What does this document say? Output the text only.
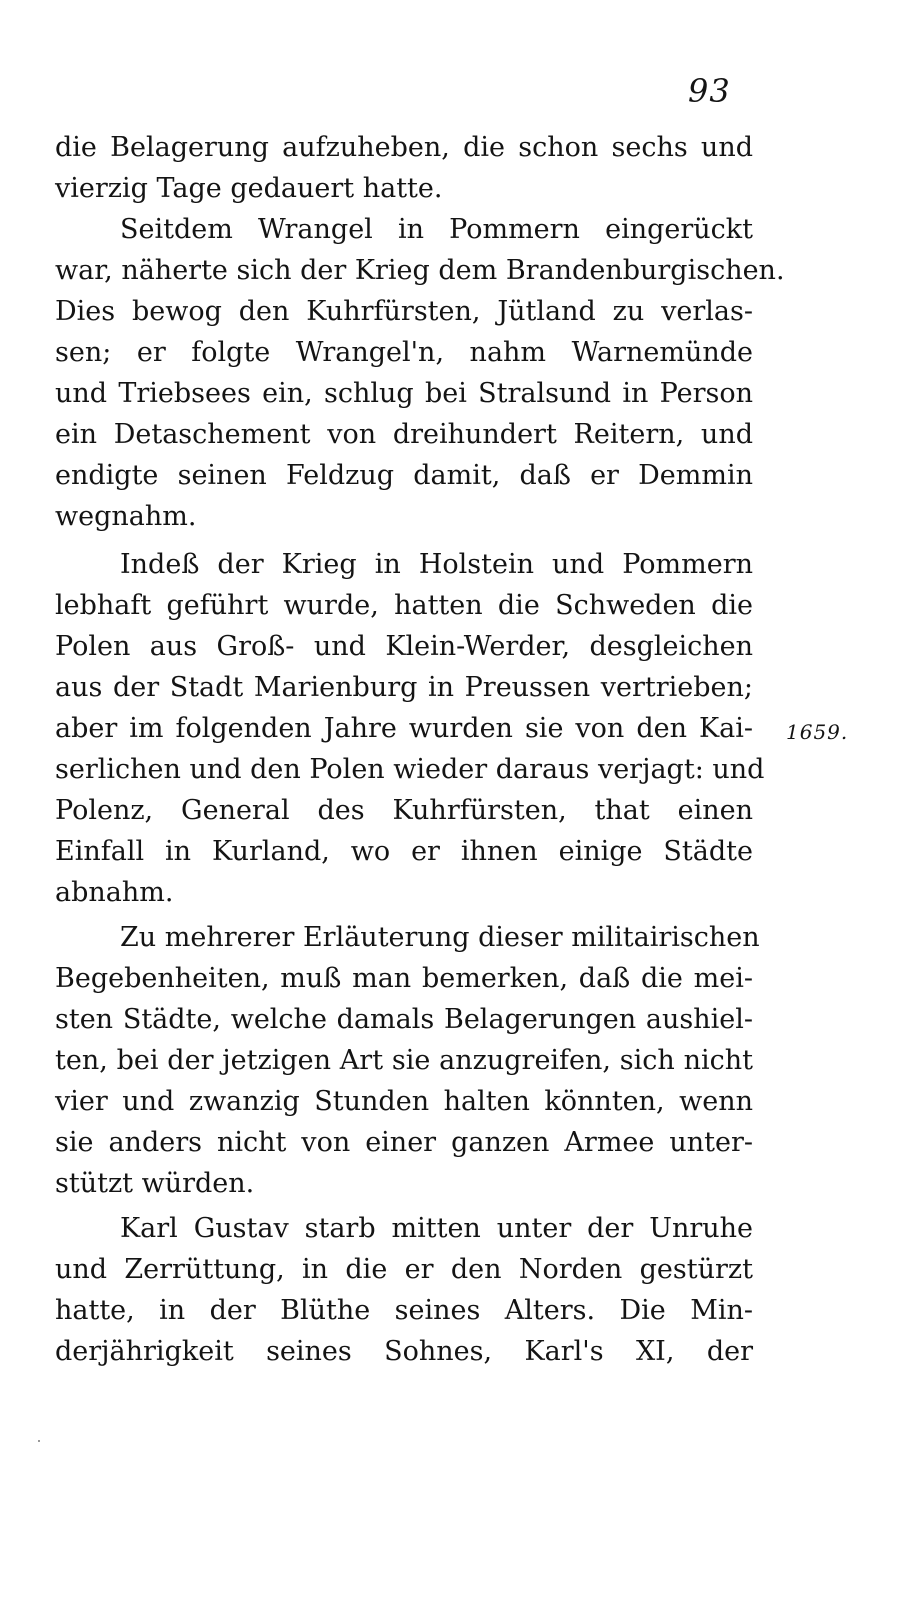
93
1659.
die Belagerung aufzuheben, die schon sechs und
vierzig Tage gedauert hatte.
Seitdem Wrangel in Pommern eingerückt
war, näherte sich der Krieg dem Brandenburgischen.
Dies bewog den Kuhrfürsten, Jütland zu verlas-
sen; er folgte Wrangel'n, nahm Warnemünde
und Triebsees ein, schlug bei Stralsund in Person
ein Detaschement von dreihundert Reitern, und
endigte seinen Feldzug damit, daß er Demmin
wegnahm.
Indeß der Krieg in Holstein und Pommern
lebhaft geführt wurde, hatten die Schweden die
Polen aus Groß- und Klein-Werder, desgleichen
aus der Stadt Marienburg in Preussen vertrieben;
aber im folgenden Jahre wurden sie von den Kai-
serlichen und den Polen wieder daraus verjagt: und
Polenz, General des Kuhrfürsten, that einen
Einfall in Kurland, wo er ihnen einige Städte
abnahm.
Zu mehrerer Erläuterung dieser militairischen
Begebenheiten, muß man bemerken, daß die mei-
sten Städte, welche damals Belagerungen aushiel-
ten, bei der jetzigen Art sie anzugreifen, sich nicht
vier und zwanzig Stunden halten könnten, wenn
sie anders nicht von einer ganzen Armee unter-
stützt würden.
Karl Gustav starb mitten unter der Unruhe
und Zerrüttung, in die er den Norden gestürzt
hatte, in der Blüthe seines Alters. Die Min-
derjährigkeit seines Sohnes, Karl's XI, der
